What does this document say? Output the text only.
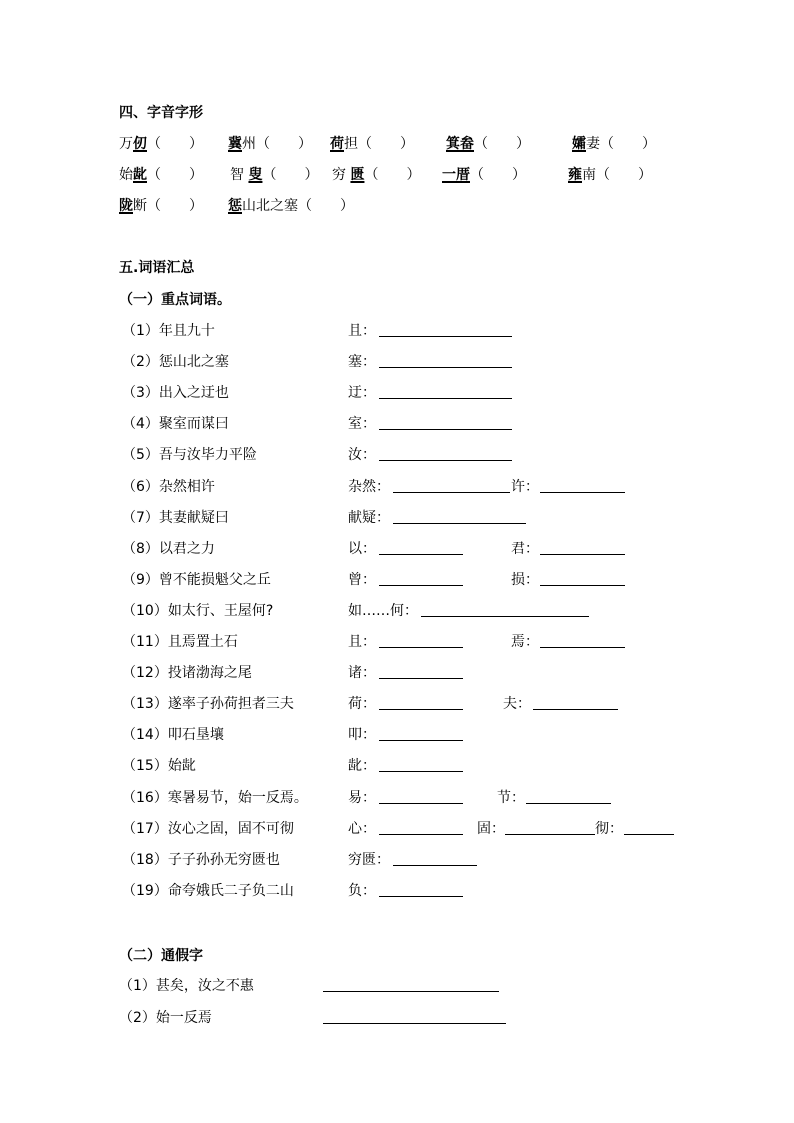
四、字音字形
万仞（　　） 冀州（　　） 荷担（　　） 箕畚（　　）	孀妻（　　）
始龀（　　） 智 叟（　　） 穷 匮（　　） 一厝（　　）	雍南（　　）
陇断（　　） 惩山北之塞（　　）
五.词语汇总
（一）重点词语。
（1）年且九十	且：
（2）惩山北之塞	塞：
（3）出入之迂也	迂：
（4）聚室而谋曰	室：
（5）吾与汝毕力平险	汝：
（6）杂然相许	杂然：	许：
（7）其妻献疑曰	献疑：
（8）以君之力	以：	君：
（9）曾不能损魁父之丘	曾：	损：
（10）如太行、王屋何?	如……何：
（11）且焉置土石	且：	焉：
（12）投诸渤海之尾	诸：
（13）遂率子孙荷担者三夫	荷：	夫：
（14）叩石垦壤	叩：
（15）始龀	龀：
（16）寒暑易节，始一反焉。	易：	节：
（17）汝心之固，固不可彻	心：	固：	彻：
（18）子子孙孙无穷匮也	穷匮：
（19）命夸娥氏二子负二山	负：
（二）通假字
（1）甚矣，汝之不惠
（2）始一反焉
